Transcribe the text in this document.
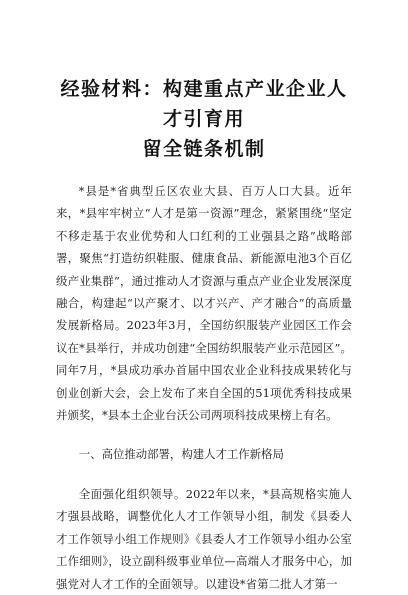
经验材料：构建重点产业企业人才引育用
留全链条机制

*县是*省典型丘区农业大县、百万人口大县。近年来，*县牢牢树立“人才是第一资源”理念，紧紧围绕“坚定不移走基于农业优势和人口红利的工业强县之路”战略部署，聚焦“打造纺织鞋服、健康食品、新能源电池3个百亿级产业集群”，通过推动人才资源与重点产业企业发展深度融合，构建起“以产聚才、以才兴产、产才融合”的高质量发展新格局。2023年3月，全国纺织服装产业园区工作会议在*县举行，并成功创建“全国纺织服装产业示范园区”。同年7月，*县成功承办首届中国农业企业科技成果转化与创业创新大会，会上发布了来自全国的51项优秀科技成果并颁奖，*县本土企业台沃公司两项科技成果榜上有名。

一、高位推动部署，构建人才工作新格局

全面强化组织领导。2022年以来，*县高规格实施人才强县战略，调整优化人才工作领导小组，制发《县委人才工作领导小组工作规则》《县委人才工作领导小组办公室工作细则》，设立副科级事业单位—高端人才服务中心，加强党对人才工作的全面领导。以建设*省第二批人才第一
